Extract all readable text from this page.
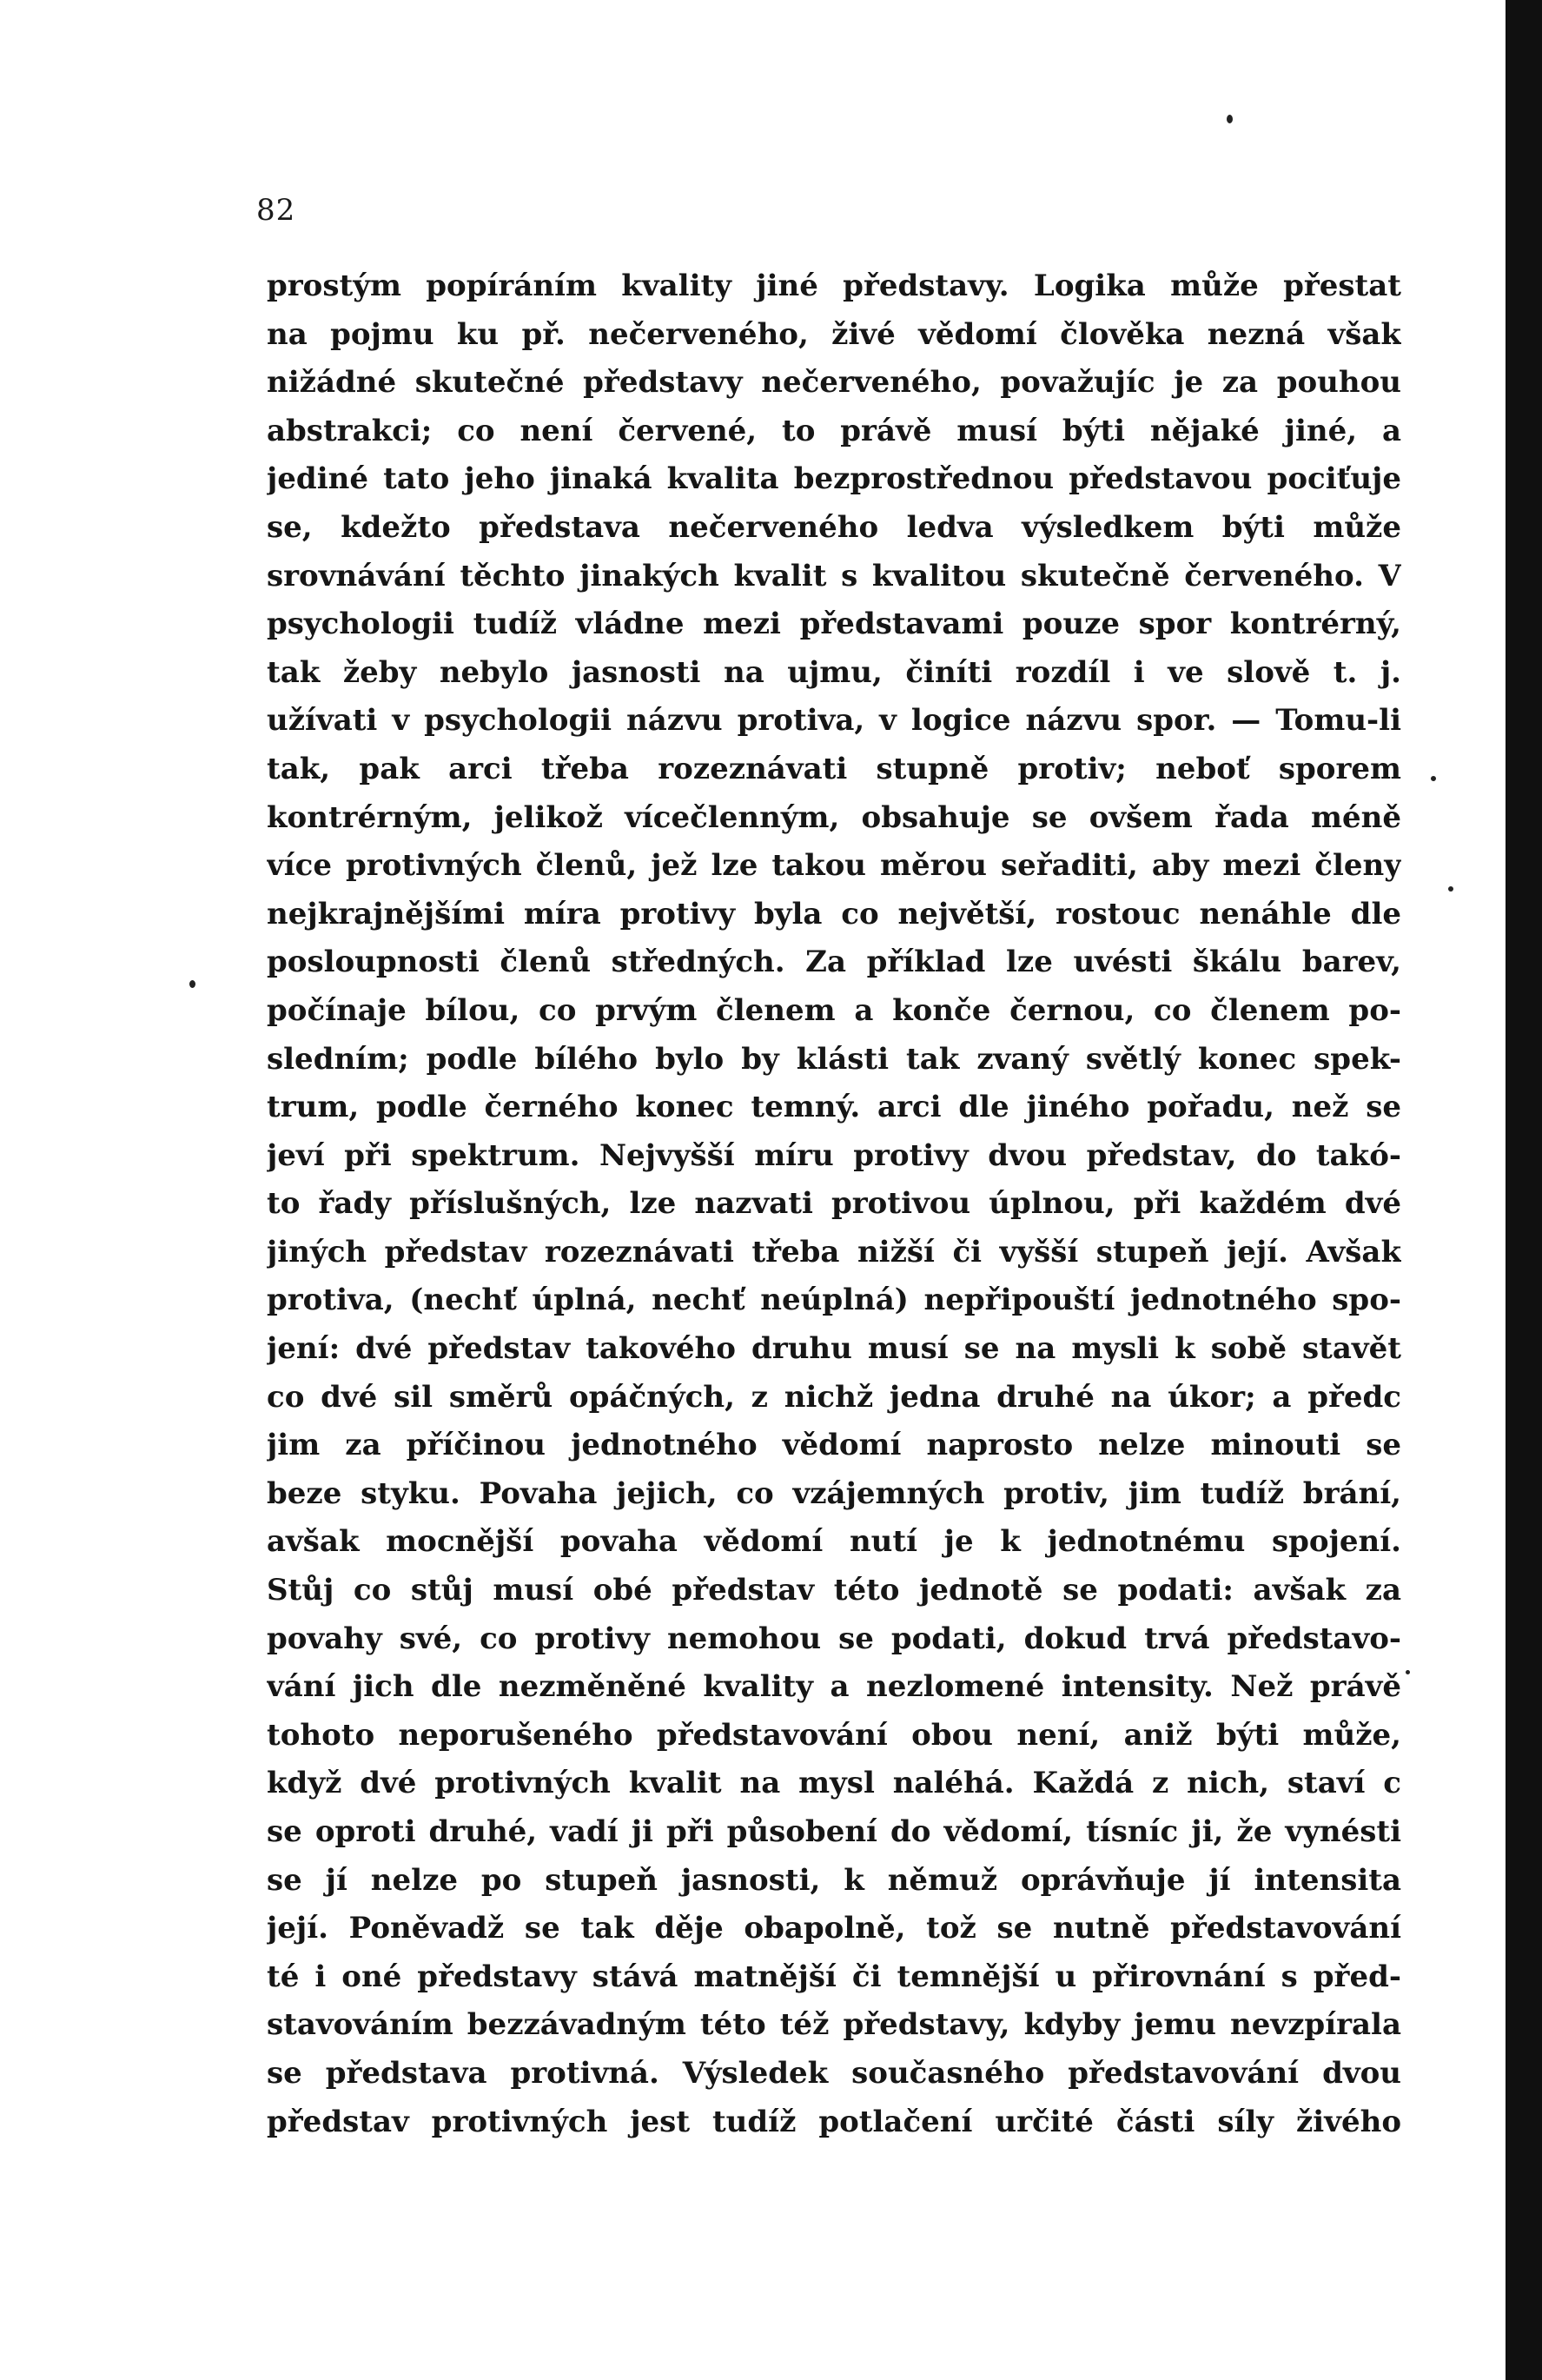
82
prostým popíráním kvality jiné představy. Logika může přestat
na pojmu ku př. nečerveného, živé vědomí člověka nezná však
nižádné skutečné představy nečerveného, považujíc je za pouhou
abstrakci; co není červené, to právě musí býti nějaké jiné, a
jediné tato jeho jinaká kvalita bezprostřednou představou pociťuje
se, kdežto představa nečerveného ledva výsledkem býti může
srovnávání těchto jinakých kvalit s kvalitou skutečně červeného. V
psychologii tudíž vládne mezi představami pouze spor kontrérný,
tak žeby nebylo jasnosti na ujmu, činíti rozdíl i ve slově t. j.
užívati v psychologii názvu protiva, v logice názvu spor. — Tomu-li
tak, pak arci třeba rozeznávati stupně protiv; neboť sporem
kontrérným, jelikož vícečlenným, obsahuje se ovšem řada méně
více protivných členů, jež lze takou měrou seřaditi, aby mezi členy
nejkrajnějšími míra protivy byla co největší, rostouc nenáhle dle
posloupnosti členů středných. Za příklad lze uvésti škálu barev,
počínaje bílou, co prvým členem a konče černou, co členem po-
sledním; podle bílého bylo by klásti tak zvaný světlý konec spek-
trum, podle černého konec temný. arci dle jiného pořadu, než se
jeví při spektrum. Nejvyšší míru protivy dvou představ, do takó-
to řady příslušných, lze nazvati protivou úplnou, při každém dvé
jiných představ rozeznávati třeba nižší či vyšší stupeň její. Avšak
protiva, (nechť úplná, nechť neúplná) nepřipouští jednotného spo-
jení: dvé představ takového druhu musí se na mysli k sobě stavět
co dvé sil směrů opáčných, z nichž jedna druhé na úkor; a předc
jim za příčinou jednotného vědomí naprosto nelze minouti se
beze styku. Povaha jejich, co vzájemných protiv, jim tudíž brání,
avšak mocnější povaha vědomí nutí je k jednotnému spojení.
Stůj co stůj musí obé představ této jednotě se podati: avšak za
povahy své, co protivy nemohou se podati, dokud trvá představo-
vání jich dle nezměněné kvality a nezlomené intensity. Než právě
tohoto neporušeného představování obou není, aniž býti může,
když dvé protivných kvalit na mysl naléhá. Každá z nich, staví c
se oproti druhé, vadí ji při působení do vědomí, tísníc ji, že vynésti
se jí nelze po stupeň jasnosti, k němuž oprávňuje jí intensita
její. Poněvadž se tak děje obapolně, tož se nutně představování
té i oné představy stává matnější či temnější u přirovnání s před-
stavováním bezzávadným této též představy, kdyby jemu nevzpírala
se představa protivná. Výsledek současného představování dvou
představ protivných jest tudíž potlačení určité části síly živého
